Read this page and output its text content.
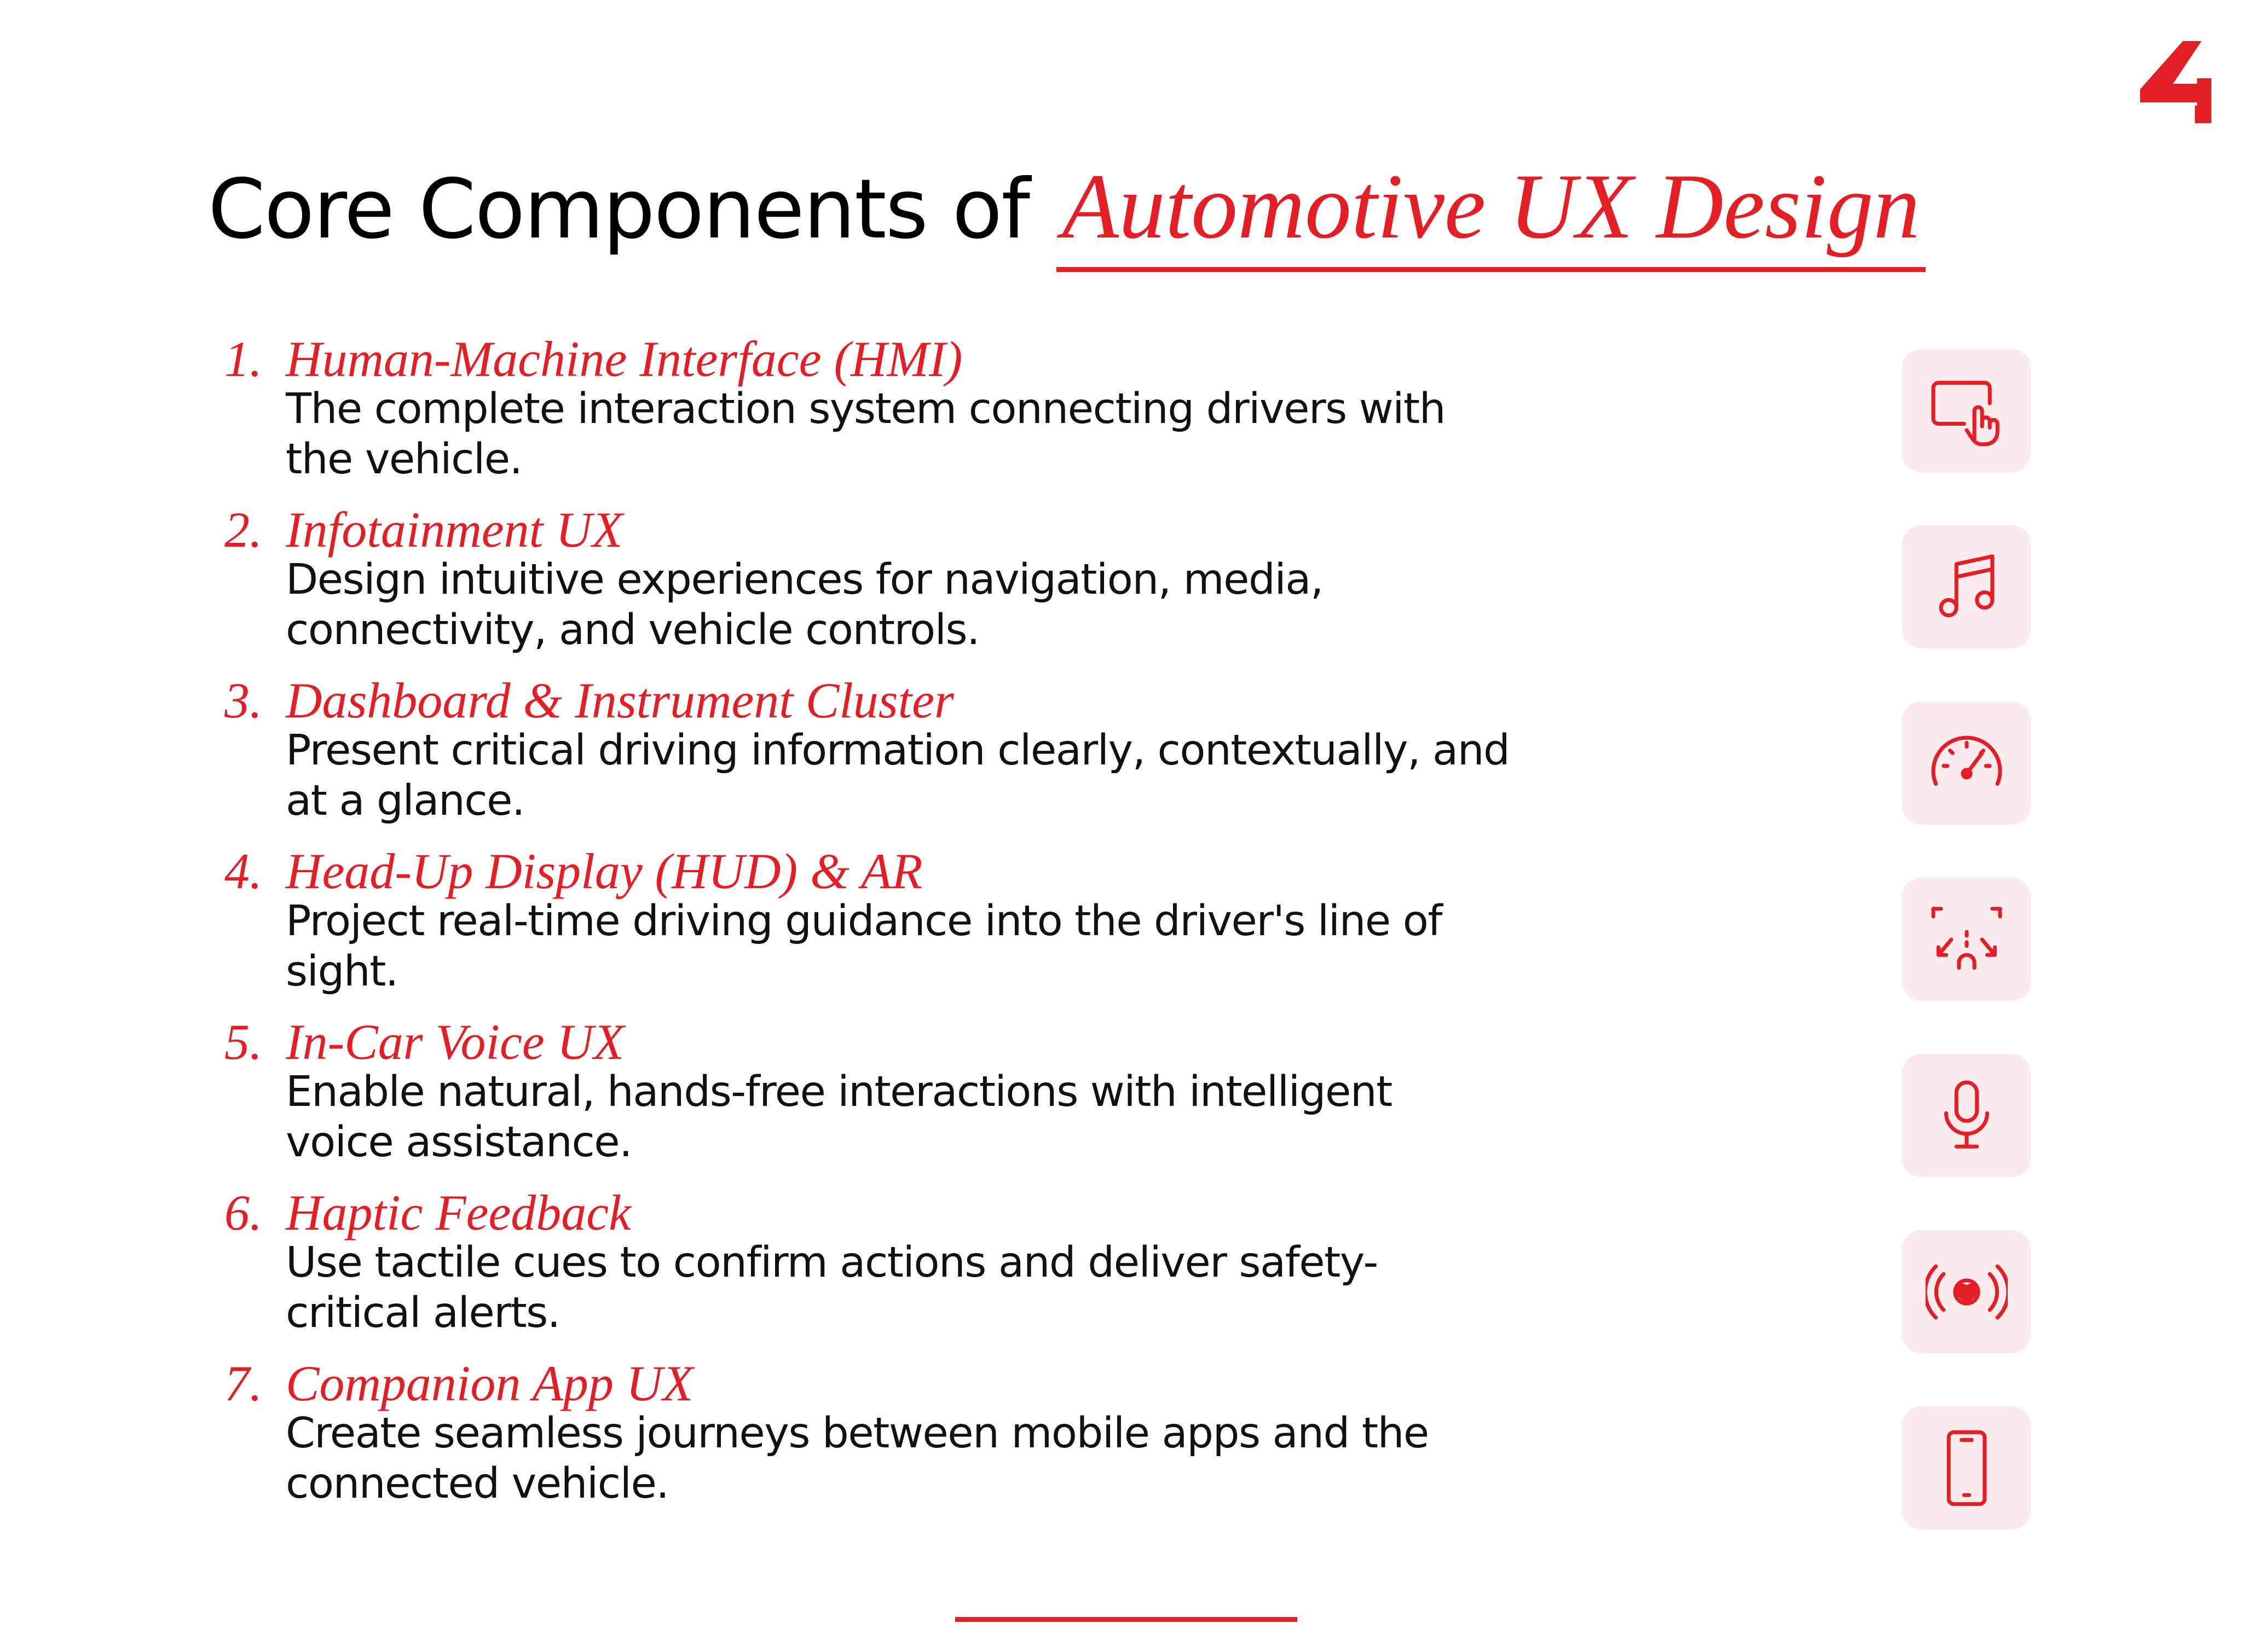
Core Components of Automotive UX Design
1. Human-Machine Interface (HMI)
The complete interaction system connecting drivers with the vehicle.
2. Infotainment UX
Design intuitive experiences for navigation, media, connectivity, and vehicle controls.
3. Dashboard & Instrument Cluster
Present critical driving information clearly, contextually, and at a glance.
4. Head-Up Display (HUD) & AR
Project real-time driving guidance into the driver's line of sight.
5. In-Car Voice UX
Enable natural, hands-free interactions with intelligent voice assistance.
6. Haptic Feedback
Use tactile cues to confirm actions and deliver safety-critical alerts.
7. Companion App UX
Create seamless journeys between mobile apps and the connected vehicle.
